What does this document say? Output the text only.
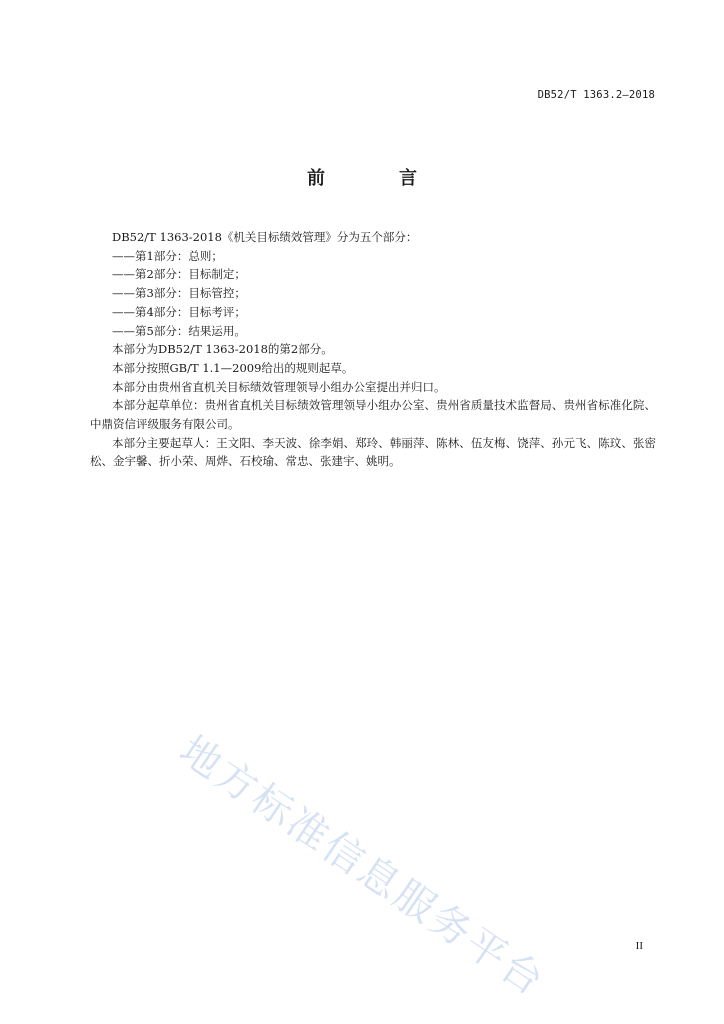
DB52/T 1363.2—2018
前　言

DB52/T 1363-2018《机关目标绩效管理》分为五个部分：

——第1部分：总则；

——第2部分：目标制定；

——第3部分：目标管控；

——第4部分：目标考评；

——第5部分：结果运用。

本部分为DB52/T 1363-2018的第2部分。

本部分按照GB/T 1.1—2009给出的规则起草。

本部分由贵州省直机关目标绩效管理领导小组办公室提出并归口。

本部分起草单位：贵州省直机关目标绩效管理领导小组办公室、贵州省质量技术监督局、贵州省标准化院、中鼎资信评级服务有限公司。

本部分主要起草人：王文阳、李天波、徐李娟、郑玲、韩丽萍、陈林、伍友梅、饶萍、孙元飞、陈玟、张密松、金宇馨、折小荣、周烨、石校瑜、常忠、张建宇、姚明。

地方标准信息服务平台	II
